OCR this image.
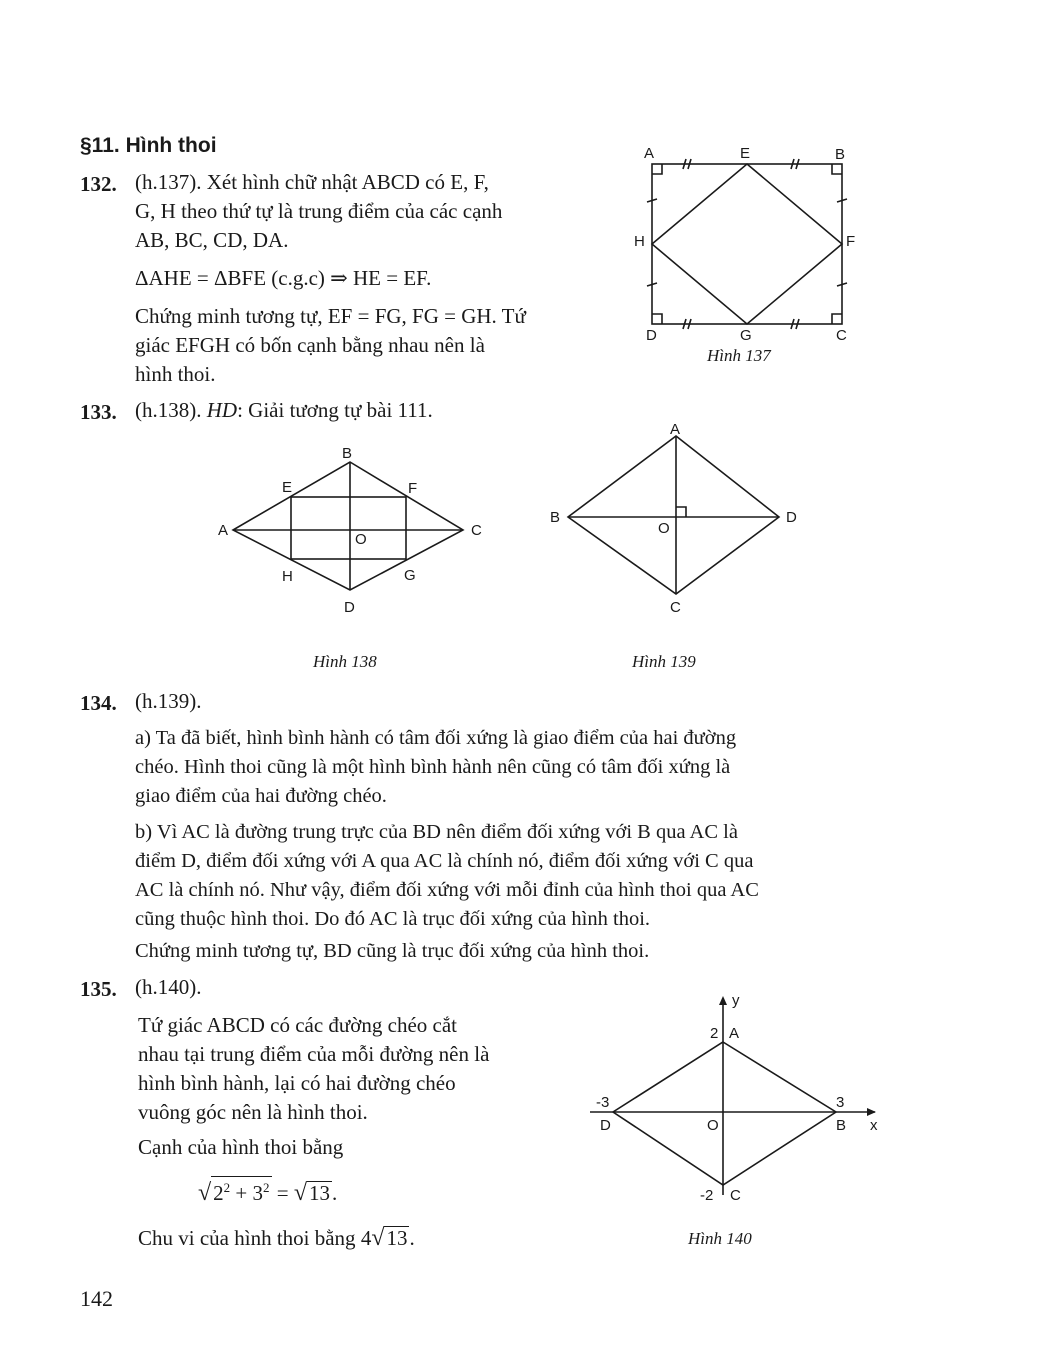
§11. Hình thoi
132. (h.137). Xét hình chữ nhật ABCD có E, F,
G, H theo thứ tự là trung điểm của các cạnh
AB, BC, CD, DA.
ΔAHE = ΔBFE (c.g.c) ⇒ HE = EF.
Chứng minh tương tự, EF = FG, FG = GH. Tứ
giác EFGH có bốn cạnh bằng nhau nên là
hình thoi.
A	E	B
H	F
D	G	C
Hình 137
133. (h.138). HD: Giải tương tự bài 111.
B
E	F
A	C
O
H	G
D
Hình 138
A
B	D
O
C
Hình 139
134. (h.139).
a) Ta đã biết, hình bình hành có tâm đối xứng là giao điểm của hai đường
chéo. Hình thoi cũng là một hình bình hành nên cũng có tâm đối xứng là
giao điểm của hai đường chéo.
b) Vì AC là đường trung trực của BD nên điểm đối xứng với B qua AC là
điểm D, điểm đối xứng với A qua AC là chính nó, điểm đối xứng với C qua
AC là chính nó. Như vậy, điểm đối xứng với mỗi đỉnh của hình thoi qua AC
cũng thuộc hình thoi. Do đó AC là trục đối xứng của hình thoi.
Chứng minh tương tự, BD cũng là trục đối xứng của hình thoi.
135. (h.140).
Tứ giác ABCD có các đường chéo cắt
nhau tại trung điểm của mỗi đường nên là
hình bình hành, lại có hai đường chéo
vuông góc nên là hình thoi.
Cạnh của hình thoi bằng
$√2^2 + 3^2 = √13$.
Chu vi của hình thoi bằng 4√13.
y
x
2 A
-3
D	O
3
B
-2 C
Hình 140
142
